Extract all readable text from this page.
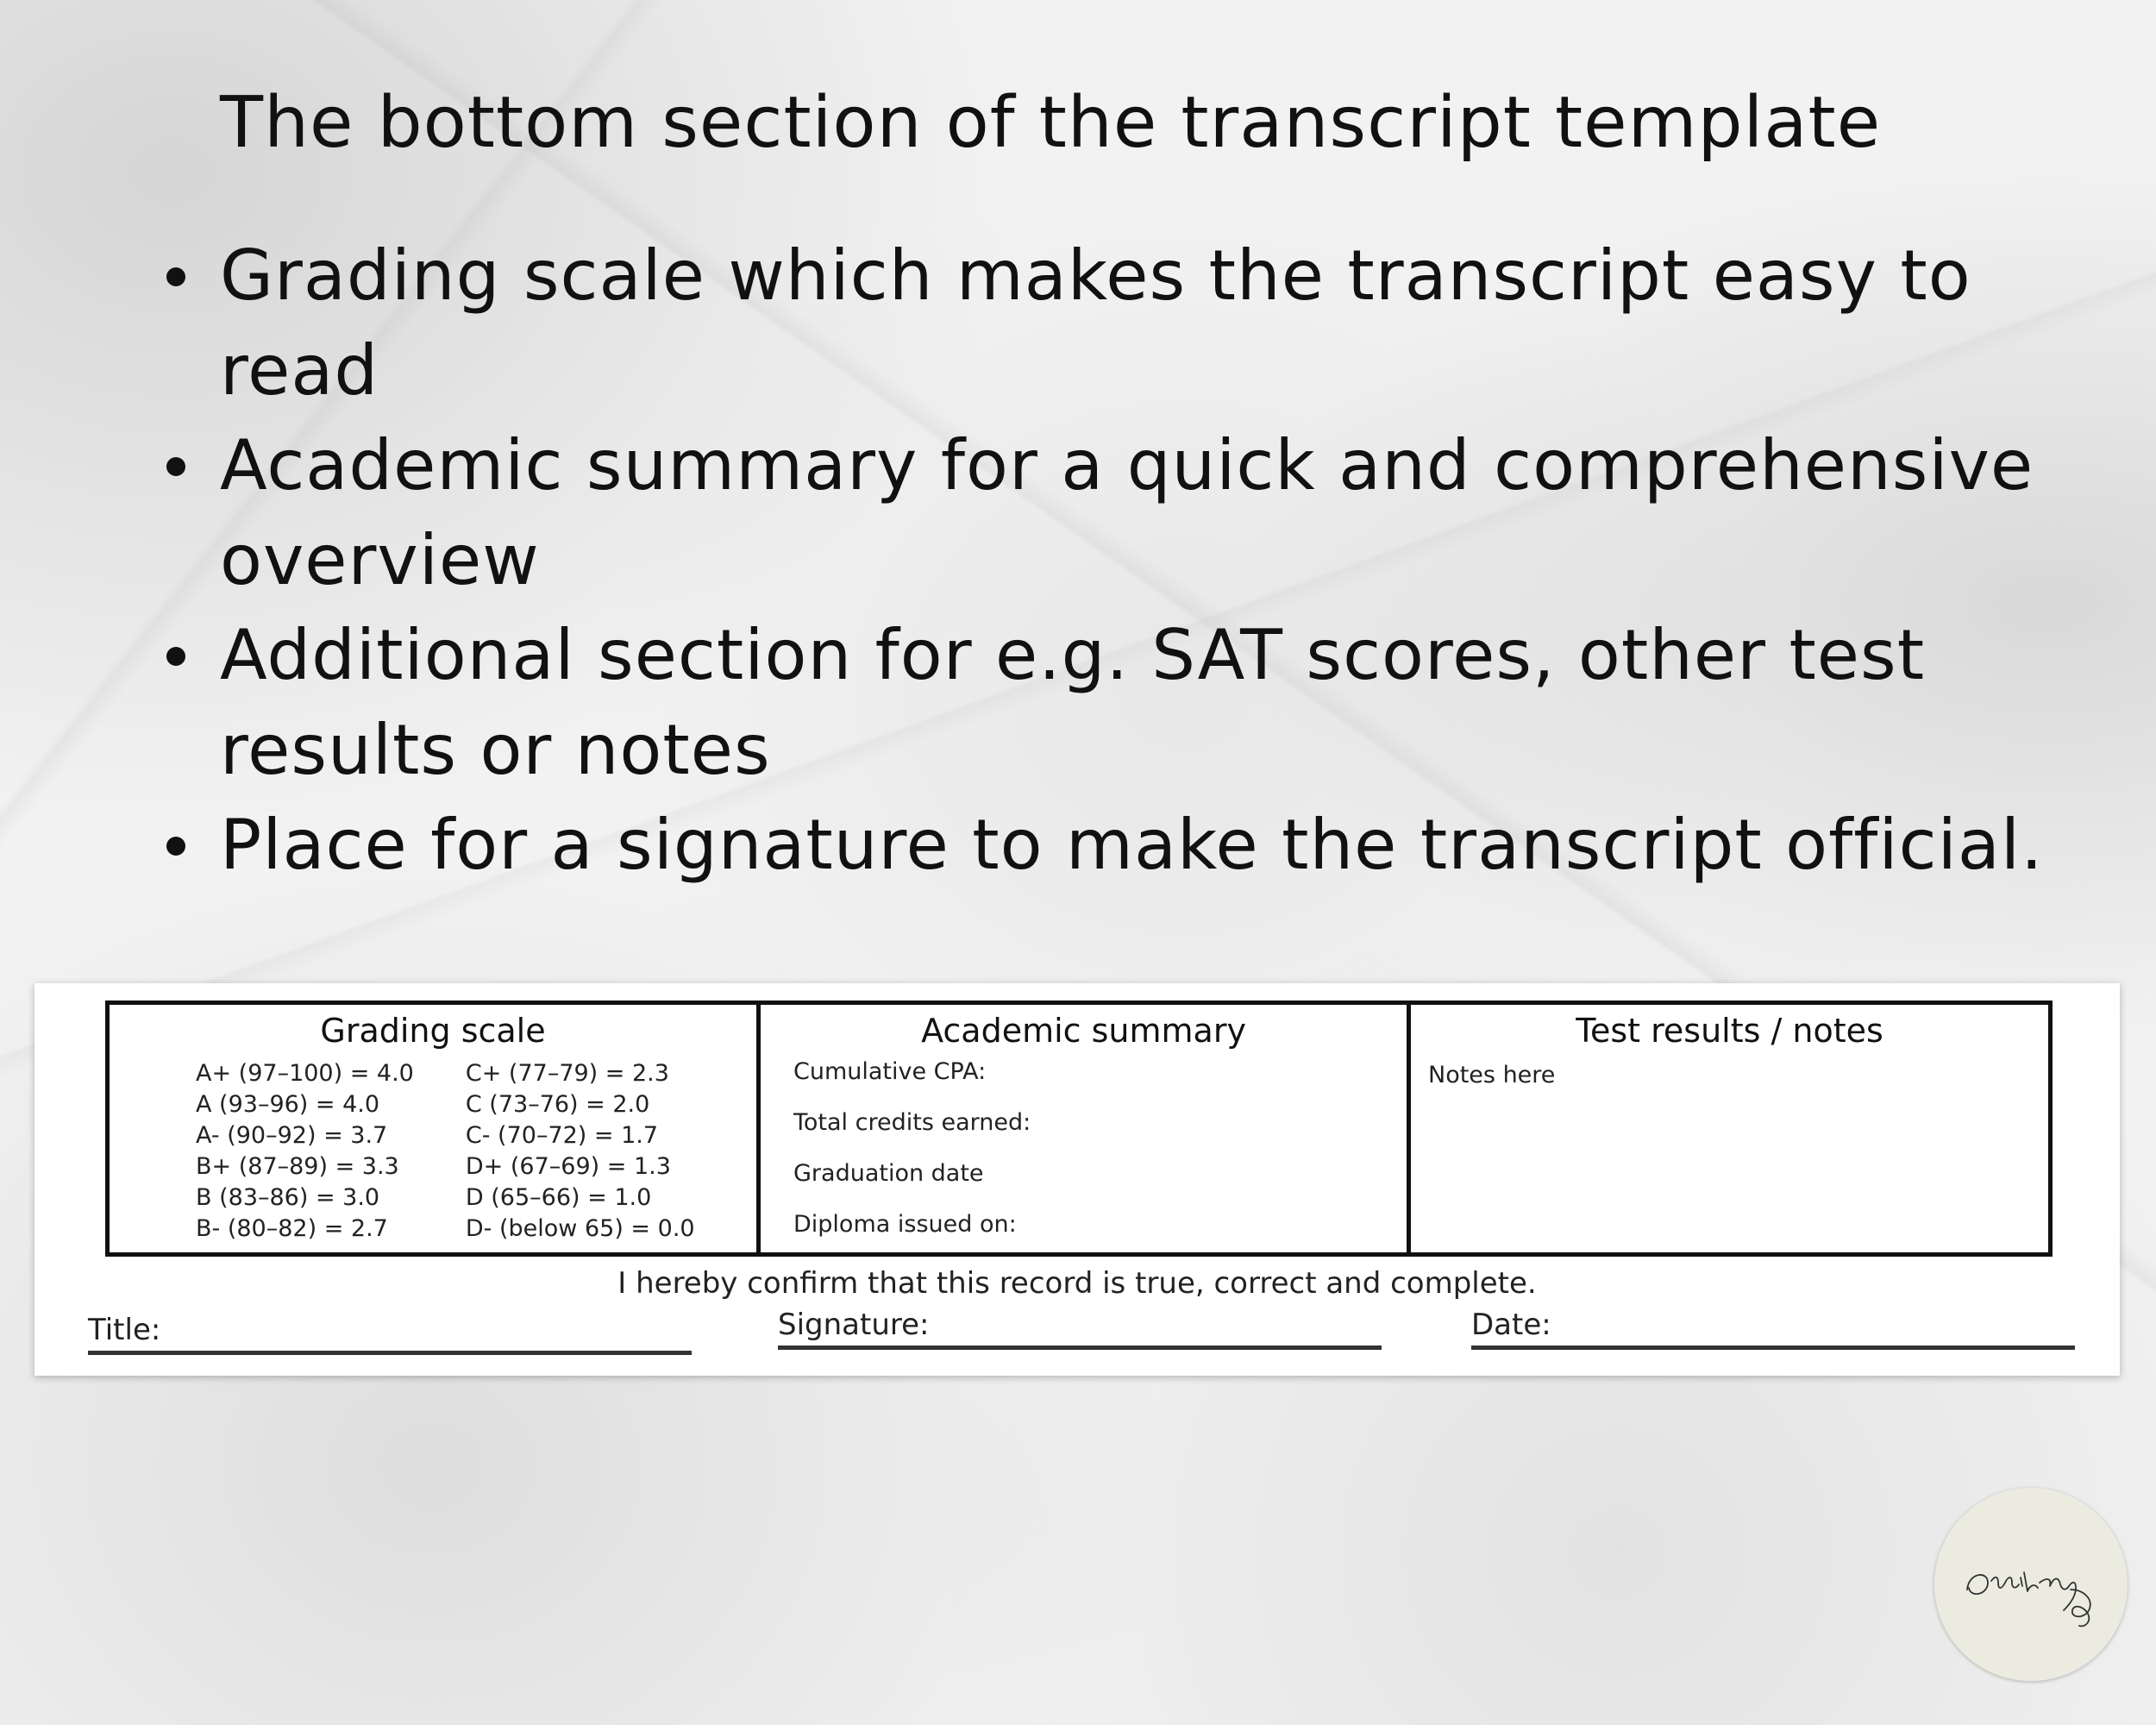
The bottom section of the transcript template
Grading scale which makes the transcript easy to read
Academic summary for a quick and comprehensive overview
Additional section for e.g. SAT scores, other test results or notes
Place for a signature to make the transcript official.
Grading scale
A+ (97–100) = 4.0
A (93–96) = 4.0
A- (90–92) = 3.7
B+ (87–89) = 3.3
B (83–86) = 3.0
B- (80–82) = 2.7
C+ (77–79) = 2.3
C (73–76) = 2.0
C- (70–72) = 1.7
D+ (67–69) = 1.3
D (65–66) = 1.0
D- (below 65) = 0.0
Academic summary
Cumulative CPA:
Total credits earned:
Graduation date
Diploma issued on:
Test results / notes
Notes here
I hereby confirm that this record is true, correct and complete.
Title:	Signature:	Date:
